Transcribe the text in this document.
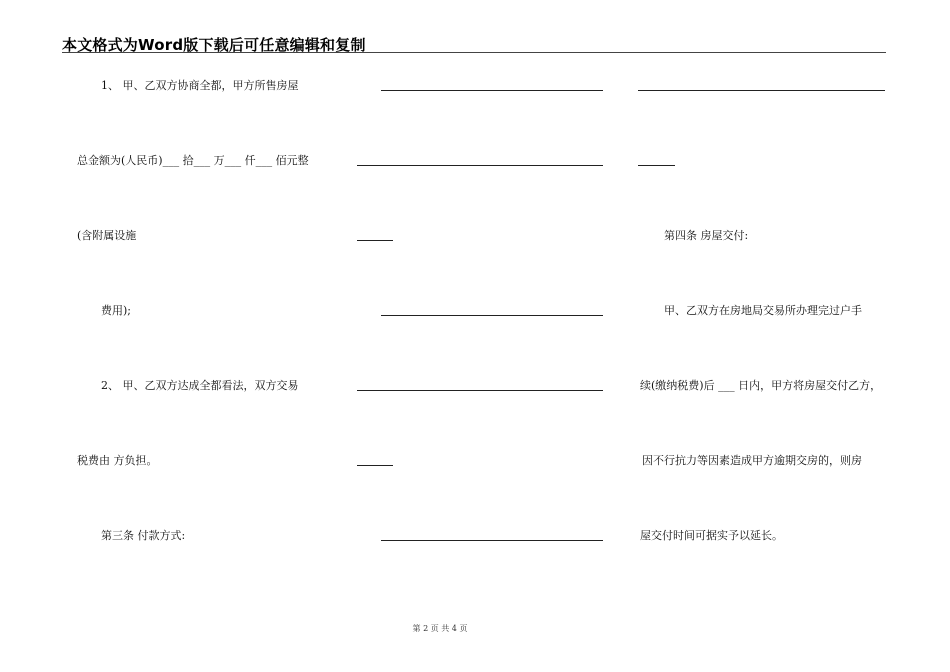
本文格式为Word版下载后可任意编辑和复制
1、 甲、乙双方协商全都，甲方所售房屋
总金额为(人民币)___ 拾___ 万___ 仟___ 佰元整
(含附属设施
费用);
2、 甲、乙双方达成全都看法，双方交易
税费由 方负担。
第三条 付款方式:
第四条 房屋交付:
甲、乙双方在房地局交易所办理完过户手
续(缴纳税费)后 ___ 日内，甲方将房屋交付乙方，
因不行抗力等因素造成甲方逾期交房的，则房
屋交付时间可据实予以延长。
第 2 页 共 4 页
